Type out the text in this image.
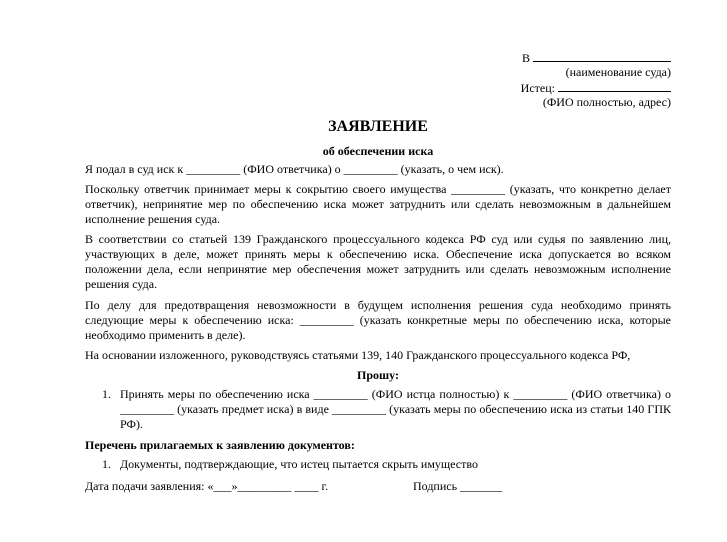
В
(наименование суда)
Истец:
(ФИО полностью, адрес)
ЗАЯВЛЕНИЕ
об обеспечении иска
Я подал в суд иск к _________ (ФИО ответчика) о _________ (указать, о чем иск).
Поскольку ответчик принимает меры к сокрытию своего имущества _________ (указать, что конкретно делает ответчик), непринятие мер по обеспечению иска может затруднить или сделать невозможным в дальнейшем исполнение решения суда.
В соответствии со статьей 139 Гражданского процессуального кодекса РФ суд или судья по заявлению лиц, участвующих в деле, может принять меры к обеспечению иска. Обеспечение иска допускается во всяком положении дела, если непринятие мер обеспечения может затруднить или сделать невозможным исполнение решения суда.
По делу для предотвращения невозможности в будущем исполнения решения суда необходимо принять следующие меры к обеспечению иска: _________ (указать конкретные меры по обеспечению иска, которые необходимо применить в деле).
На основании изложенного, руководствуясь статьями 139, 140 Гражданского процессуального кодекса РФ,
Прошу:
1. Принять меры по обеспечению иска _________ (ФИО истца полностью) к _________ (ФИО ответчика) о _________ (указать предмет иска) в виде _________ (указать меры по обеспечению иска из статьи 140 ГПК РФ).
Перечень прилагаемых к заявлению документов:
1. Документы, подтверждающие, что истец пытается скрыть имущество
Дата подачи заявления: «___»_________ ____ г.	Подпись _______
